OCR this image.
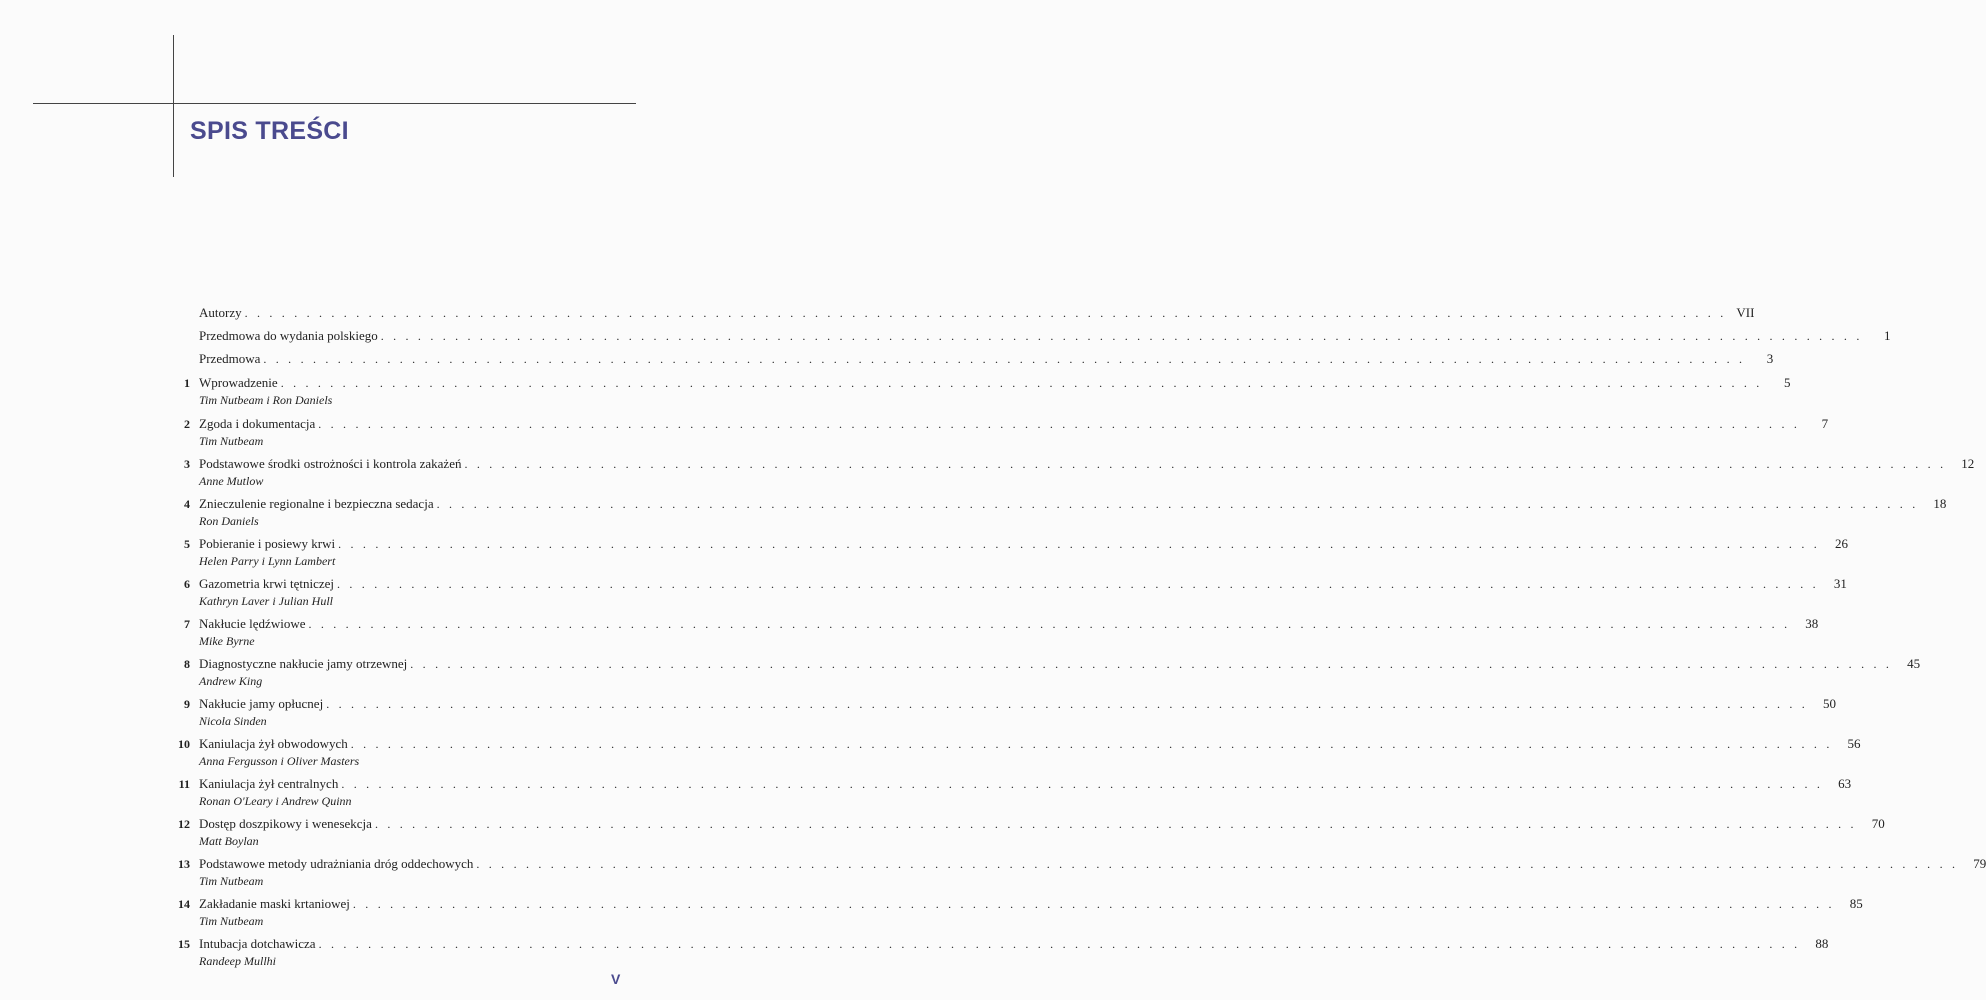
SPIS TREŚCI
Autorzy . . . . . . . . . . . . . . . . . . . . . . . . . . . . . . . . . . . . . . . . . . . . . . . . . . . . . . . . . . . . . . . . . . . . . . . . . . . . . . . . . . . . . . . . . . . . . . . . . . . . . . . . . . . . . . . . . . . . . . . . VII
Przedmowa do wydania polskiego . . . . . . . . . . . . . . . . . . . . . . . . . . . . . . . . . . . . . . . . . . . . . . . . . . . . . . . . . . . . . . . . . . . . . . . . . . . . . . . . . . . . . . . . . . . . . . . . . . . . . . . . . . . . . . . . . . . . . . . .	1
Przedmowa . . . . . . . . . . . . . . . . . . . . . . . . . . . . . . . . . . . . . . . . . . . . . . . . . . . . . . . . . . . . . . . . . . . . . . . . . . . . . . . . . . . . . . . . . . . . . . . . . . . . . . . . . . . . . . . . . . . . . . . .	3
1 Wprowadzenie . . . . . . . . . . . . . . . . . . . . . . . . . . . . . . . . . . . . . . . . . . . . . . . . . . . . . . . . . . . . . . . . . . . . . . . . . . . . . . . . . . . . . . . . . . . . . . . . . . . . . . . . . . . . . . . . . . . . . . . .	5
Tim Nutbeam i Ron Daniels
2 Zgoda i dokumentacja . . . . . . . . . . . . . . . . . . . . . . . . . . . . . . . . . . . . . . . . . . . . . . . . . . . . . . . . . . . . . . . . . . . . . . . . . . . . . . . . . . . . . . . . . . . . . . . . . . . . . . . . . . . . . . . . . . . . . . . .	7
Tim Nutbeam
3 Podstawowe środki ostrożności i kontrola zakażeń . . . . . . . . . . . . . . . . . . . . . . . . . . . . . . . . . . . . . . . . . . . . . . . . . . . . . . . . . . . . . . . . . . . . . . . . . . . . . . . . . . . . . . . . . . . . . . . . . . . . . . . . . . . . . . . . . . . . . . . .	12
Anne Mutlow
4 Znieczulenie regionalne i bezpieczna sedacja . . . . . . . . . . . . . . . . . . . . . . . . . . . . . . . . . . . . . . . . . . . . . . . . . . . . . . . . . . . . . . . . . . . . . . . . . . . . . . . . . . . . . . . . . . . . . . . . . . . . . . . . . . . . . . . . . . . . . . . .	18
Ron Daniels
5 Pobieranie i posiewy krwi . . . . . . . . . . . . . . . . . . . . . . . . . . . . . . . . . . . . . . . . . . . . . . . . . . . . . . . . . . . . . . . . . . . . . . . . . . . . . . . . . . . . . . . . . . . . . . . . . . . . . . . . . . . . . . . . . . . . . . . .	26
Helen Parry i Lynn Lambert
6 Gazometria krwi tętniczej . . . . . . . . . . . . . . . . . . . . . . . . . . . . . . . . . . . . . . . . . . . . . . . . . . . . . . . . . . . . . . . . . . . . . . . . . . . . . . . . . . . . . . . . . . . . . . . . . . . . . . . . . . . . . . . . . . . . . . . .	31
Kathryn Laver i Julian Hull
7 Nakłucie lędźwiowe . . . . . . . . . . . . . . . . . . . . . . . . . . . . . . . . . . . . . . . . . . . . . . . . . . . . . . . . . . . . . . . . . . . . . . . . . . . . . . . . . . . . . . . . . . . . . . . . . . . . . . . . . . . . . . . . . . . . . . . .	38
Mike Byrne
8 Diagnostyczne nakłucie jamy otrzewnej . . . . . . . . . . . . . . . . . . . . . . . . . . . . . . . . . . . . . . . . . . . . . . . . . . . . . . . . . . . . . . . . . . . . . . . . . . . . . . . . . . . . . . . . . . . . . . . . . . . . . . . . . . . . . . . . . . . . . . . .	45
Andrew King
9 Nakłucie jamy opłucnej . . . . . . . . . . . . . . . . . . . . . . . . . . . . . . . . . . . . . . . . . . . . . . . . . . . . . . . . . . . . . . . . . . . . . . . . . . . . . . . . . . . . . . . . . . . . . . . . . . . . . . . . . . . . . . . . . . . . . . . .	50
Nicola Sinden
10 Kaniulacja żył obwodowych . . . . . . . . . . . . . . . . . . . . . . . . . . . . . . . . . . . . . . . . . . . . . . . . . . . . . . . . . . . . . . . . . . . . . . . . . . . . . . . . . . . . . . . . . . . . . . . . . . . . . . . . . . . . . . . . . . . . . . . .	56
Anna Fergusson i Oliver Masters
11 Kaniulacja żył centralnych . . . . . . . . . . . . . . . . . . . . . . . . . . . . . . . . . . . . . . . . . . . . . . . . . . . . . . . . . . . . . . . . . . . . . . . . . . . . . . . . . . . . . . . . . . . . . . . . . . . . . . . . . . . . . . . . . . . . . . . .	63
Ronan O'Leary i Andrew Quinn
12 Dostęp doszpikowy i wenesekcja . . . . . . . . . . . . . . . . . . . . . . . . . . . . . . . . . . . . . . . . . . . . . . . . . . . . . . . . . . . . . . . . . . . . . . . . . . . . . . . . . . . . . . . . . . . . . . . . . . . . . . . . . . . . . . . . . . . . . . . .	70
Matt Boylan
13 Podstawowe metody udrażniania dróg oddechowych . . . . . . . . . . . . . . . . . . . . . . . . . . . . . . . . . . . . . . . . . . . . . . . . . . . . . . . . . . . . . . . . . . . . . . . . . . . . . . . . . . . . . . . . . . . . . . . . . . . . . . . . . . . . . . . . . . . . . . . .	79
Tim Nutbeam
14 Zakładanie maski krtaniowej . . . . . . . . . . . . . . . . . . . . . . . . . . . . . . . . . . . . . . . . . . . . . . . . . . . . . . . . . . . . . . . . . . . . . . . . . . . . . . . . . . . . . . . . . . . . . . . . . . . . . . . . . . . . . . . . . . . . . . . .	85
Tim Nutbeam
15 Intubacja dotchawicza . . . . . . . . . . . . . . . . . . . . . . . . . . . . . . . . . . . . . . . . . . . . . . . . . . . . . . . . . . . . . . . . . . . . . . . . . . . . . . . . . . . . . . . . . . . . . . . . . . . . . . . . . . . . . . . . . . . . . . . .	88
Randeep Mullhi
V
